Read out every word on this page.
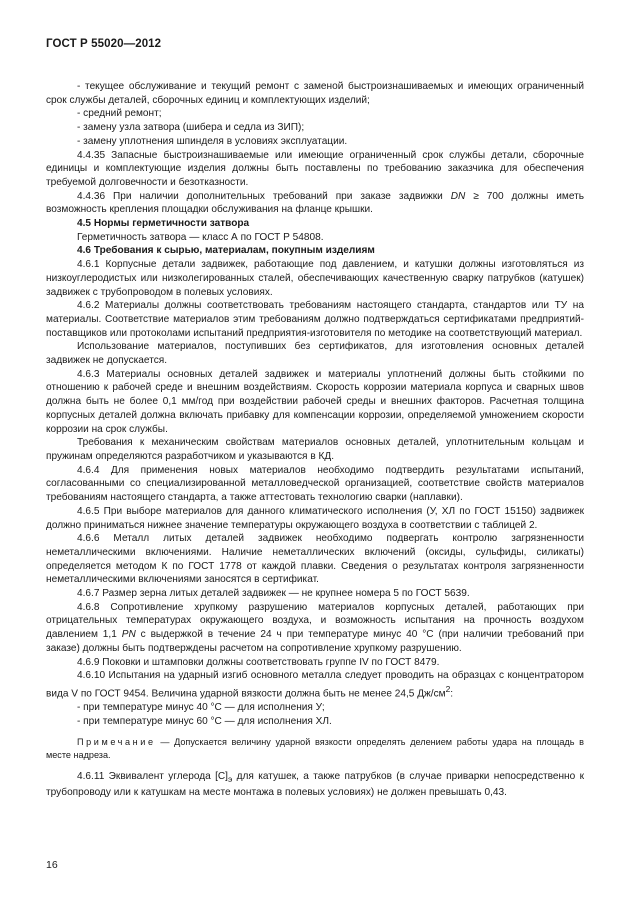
ГОСТ Р 55020—2012

- текущее обслуживание и текущий ремонт с заменой быстроизнашиваемых и имеющих ограниченный срок службы деталей, сборочных единиц и комплектующих изделий;

- средний ремонт;

- замену узла затвора (шибера и седла из ЗИП);

- замену уплотнения шпинделя в условиях эксплуатации.

4.4.35 Запасные быстроизнашиваемые или имеющие ограниченный срок службы детали, сборочные единицы и комплектующие изделия должны быть поставлены по требованию заказчика для обеспечения требуемой долговечности и безотказности.

4.4.36 При наличии дополнительных требований при заказе задвижки DN ≥ 700 должны иметь возможность крепления площадки обслуживания на фланце крышки.

4.5 Нормы герметичности затвора

Герметичность затвора — класс А по ГОСТ Р 54808.

4.6 Требования к сырью, материалам, покупным изделиям

4.6.1 Корпусные детали задвижек, работающие под давлением, и катушки должны изготовляться из низкоуглеродистых или низколегированных сталей, обеспечивающих качественную сварку патрубков (катушек) задвижек с трубопроводом в полевых условиях.

4.6.2 Материалы должны соответствовать требованиям настоящего стандарта, стандартов или ТУ на материалы. Соответствие материалов этим требованиям должно подтверждаться сертификатами предприятий-поставщиков или протоколами испытаний предприятия-изготовителя по методике на соответствующий материал.

Использование материалов, поступивших без сертификатов, для изготовления основных деталей задвижек не допускается.

4.6.3 Материалы основных деталей задвижек и материалы уплотнений должны быть стойкими по отношению к рабочей среде и внешним воздействиям. Скорость коррозии материала корпуса и сварных швов должна быть не более 0,1 мм/год при воздействии рабочей среды и внешних факторов. Расчетная толщина корпусных деталей должна включать прибавку для компенсации коррозии, определяемой умножением скорости коррозии на срок службы.

Требования к механическим свойствам материалов основных деталей, уплотнительным кольцам и пружинам определяются разработчиком и указываются в КД.

4.6.4 Для применения новых материалов необходимо подтвердить результатами испытаний, согласованными со специализированной металловедческой организацией, соответствие свойств материалов требованиям настоящего стандарта, а также аттестовать технологию сварки (наплавки).

4.6.5 При выборе материалов для данного климатического исполнения (У, ХЛ по ГОСТ 15150) задвижек должно приниматься нижнее значение температуры окружающего воздуха в соответствии с таблицей 2.

4.6.6 Металл литых деталей задвижек необходимо подвергать контролю загрязненности неметаллическими включениями. Наличие неметаллических включений (оксиды, сульфиды, силикаты) определяется методом К по ГОСТ 1778 от каждой плавки. Сведения о результатах контроля загрязненности неметаллическими включениями заносятся в сертификат.

4.6.7 Размер зерна литых деталей задвижек — не крупнее номера 5 по ГОСТ 5639.

4.6.8 Сопротивление хрупкому разрушению материалов корпусных деталей, работающих при отрицательных температурах окружающего воздуха, и возможность испытания на прочность воздухом давлением 1,1 PN с выдержкой в течение 24 ч при температуре минус 40 °С (при наличии требований при заказе) должны быть подтверждены расчетом на сопротивление хрупкому разрушению.

4.6.9 Поковки и штамповки должны соответствовать группе IV по ГОСТ 8479.

4.6.10 Испытания на ударный изгиб основного металла следует проводить на образцах с концентратором вида V по ГОСТ 9454. Величина ударной вязкости должна быть не менее 24,5 $Дж/см^2$:

- при температуре минус 40 °С — для исполнения У;

- при температуре минус 60 °С — для исполнения ХЛ.

Примечание — Допускается величину ударной вязкости определять делением работы удара на площадь в месте надреза.

4.6.11 Эквивалент углерода $[С]_э$ для катушек, а также патрубков (в случае приварки непосредственно к трубопроводу или к катушкам на месте монтажа в полевых условиях) не должен превышать 0,43.

16
